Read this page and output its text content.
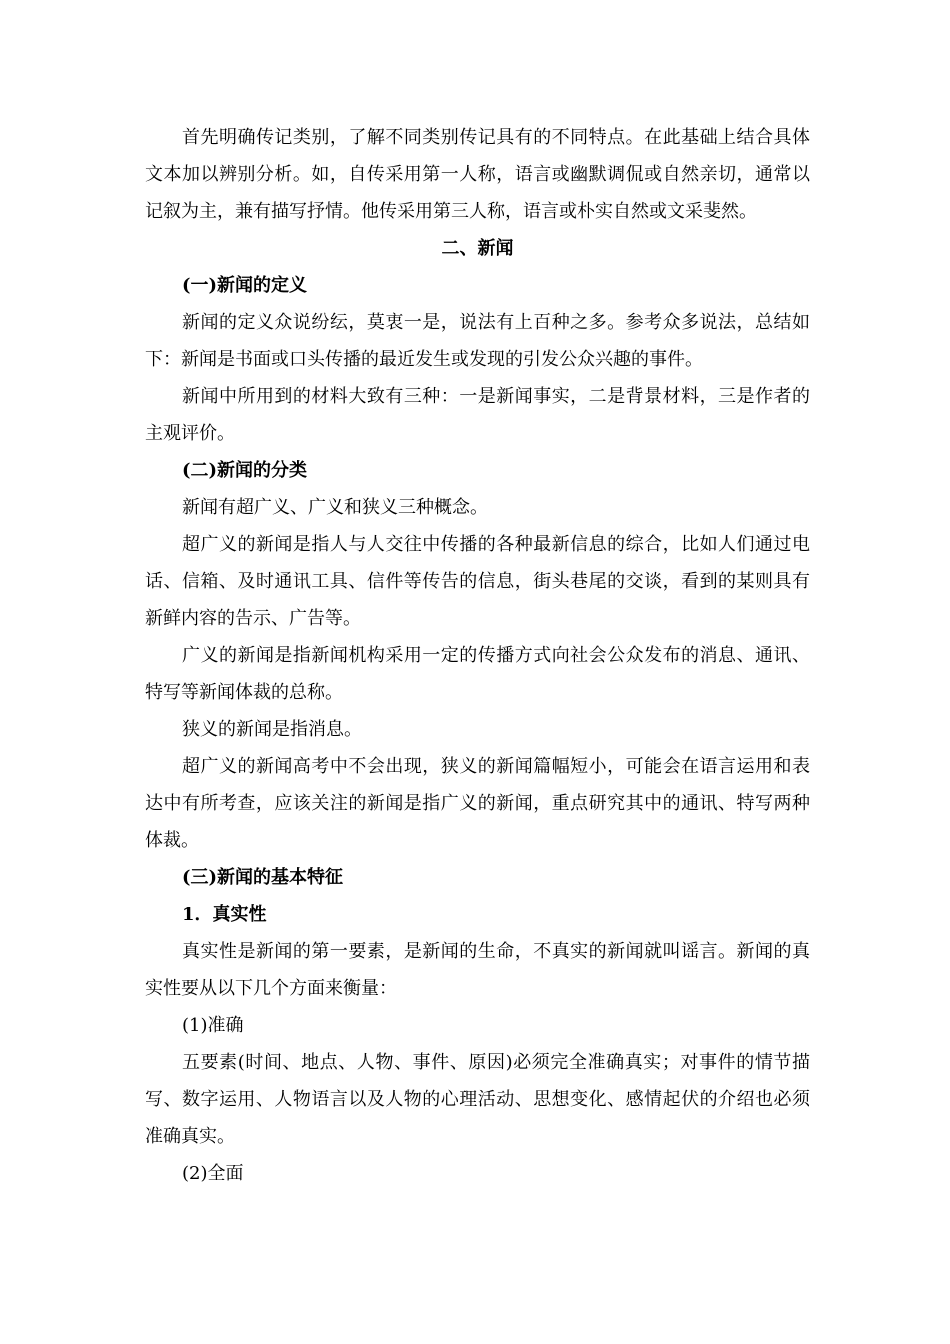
首先明确传记类别，了解不同类别传记具有的不同特点。在此基础上结合具体文本加以辨别分析。如，自传采用第一人称，语言或幽默调侃或自然亲切，通常以记叙为主，兼有描写抒情。他传采用第三人称，语言或朴实自然或文采斐然。

二、新闻

(一)新闻的定义

新闻的定义众说纷纭，莫衷一是，说法有上百种之多。参考众多说法，总结如下：新闻是书面或口头传播的最近发生或发现的引发公众兴趣的事件。

新闻中所用到的材料大致有三种：一是新闻事实，二是背景材料，三是作者的主观评价。

(二)新闻的分类

新闻有超广义、广义和狭义三种概念。

超广义的新闻是指人与人交往中传播的各种最新信息的综合，比如人们通过电话、信箱、及时通讯工具、信件等传告的信息，街头巷尾的交谈，看到的某则具有新鲜内容的告示、广告等。

广义的新闻是指新闻机构采用一定的传播方式向社会公众发布的消息、通讯、特写等新闻体裁的总称。

狭义的新闻是指消息。

超广义的新闻高考中不会出现，狭义的新闻篇幅短小，可能会在语言运用和表达中有所考查，应该关注的新闻是指广义的新闻，重点研究其中的通讯、特写两种体裁。

(三)新闻的基本特征

1．真实性

真实性是新闻的第一要素，是新闻的生命，不真实的新闻就叫谣言。新闻的真实性要从以下几个方面来衡量：

(1)准确

五要素(时间、地点、人物、事件、原因)必须完全准确真实；对事件的情节描写、数字运用、人物语言以及人物的心理活动、思想变化、感情起伏的介绍也必须准确真实。

(2)全面
